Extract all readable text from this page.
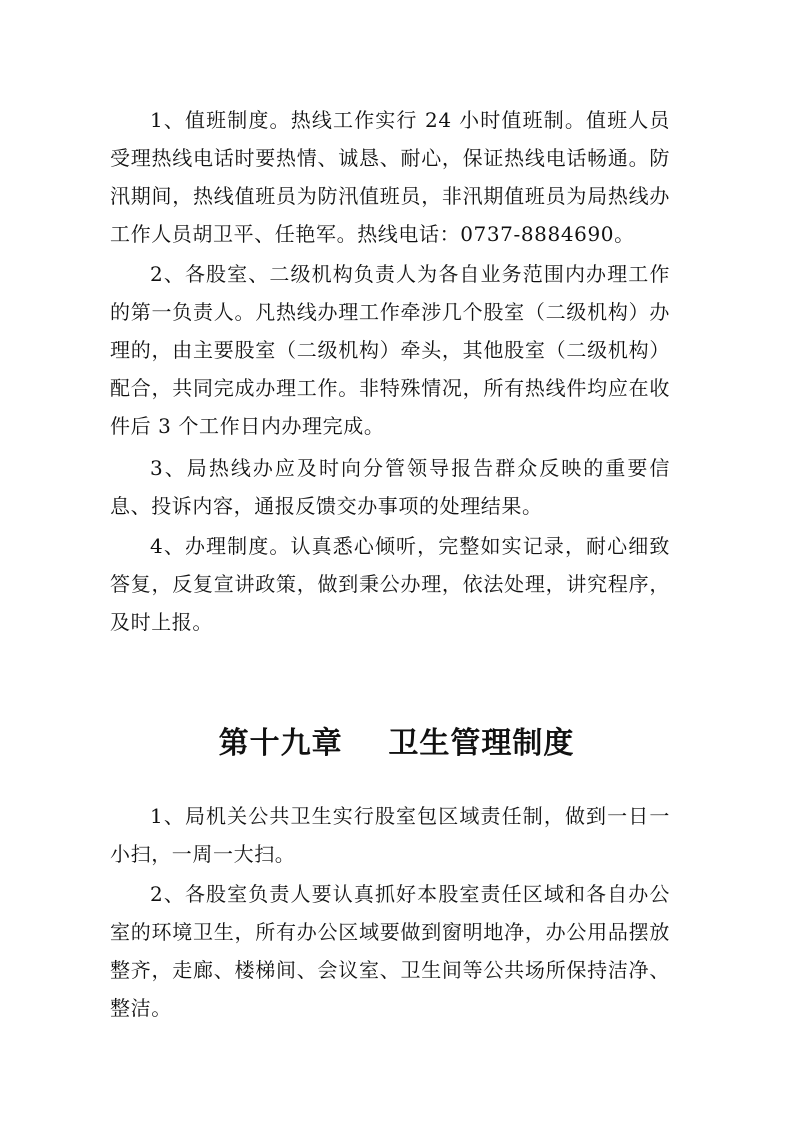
1、值班制度。热线工作实行 24 小时值班制。值班人员受理热线电话时要热情、诚恳、耐心，保证热线电话畅通。防汛期间，热线值班员为防汛值班员，非汛期值班员为局热线办工作人员胡卫平、任艳军。热线电话：0737-8884690。

2、各股室、二级机构负责人为各自业务范围内办理工作的第一负责人。凡热线办理工作牵涉几个股室（二级机构）办理的，由主要股室（二级机构）牵头，其他股室（二级机构）配合，共同完成办理工作。非特殊情况，所有热线件均应在收件后 3 个工作日内办理完成。

3、局热线办应及时向分管领导报告群众反映的重要信息、投诉内容，通报反馈交办事项的处理结果。

4、办理制度。认真悉心倾听，完整如实记录，耐心细致答复，反复宣讲政策，做到秉公办理，依法处理，讲究程序，及时上报。

第十九章    卫生管理制度

1、局机关公共卫生实行股室包区域责任制，做到一日一小扫，一周一大扫。

2、各股室负责人要认真抓好本股室责任区域和各自办公室的环境卫生，所有办公区域要做到窗明地净，办公用品摆放整齐，走廊、楼梯间、会议室、卫生间等公共场所保持洁净、整洁。
